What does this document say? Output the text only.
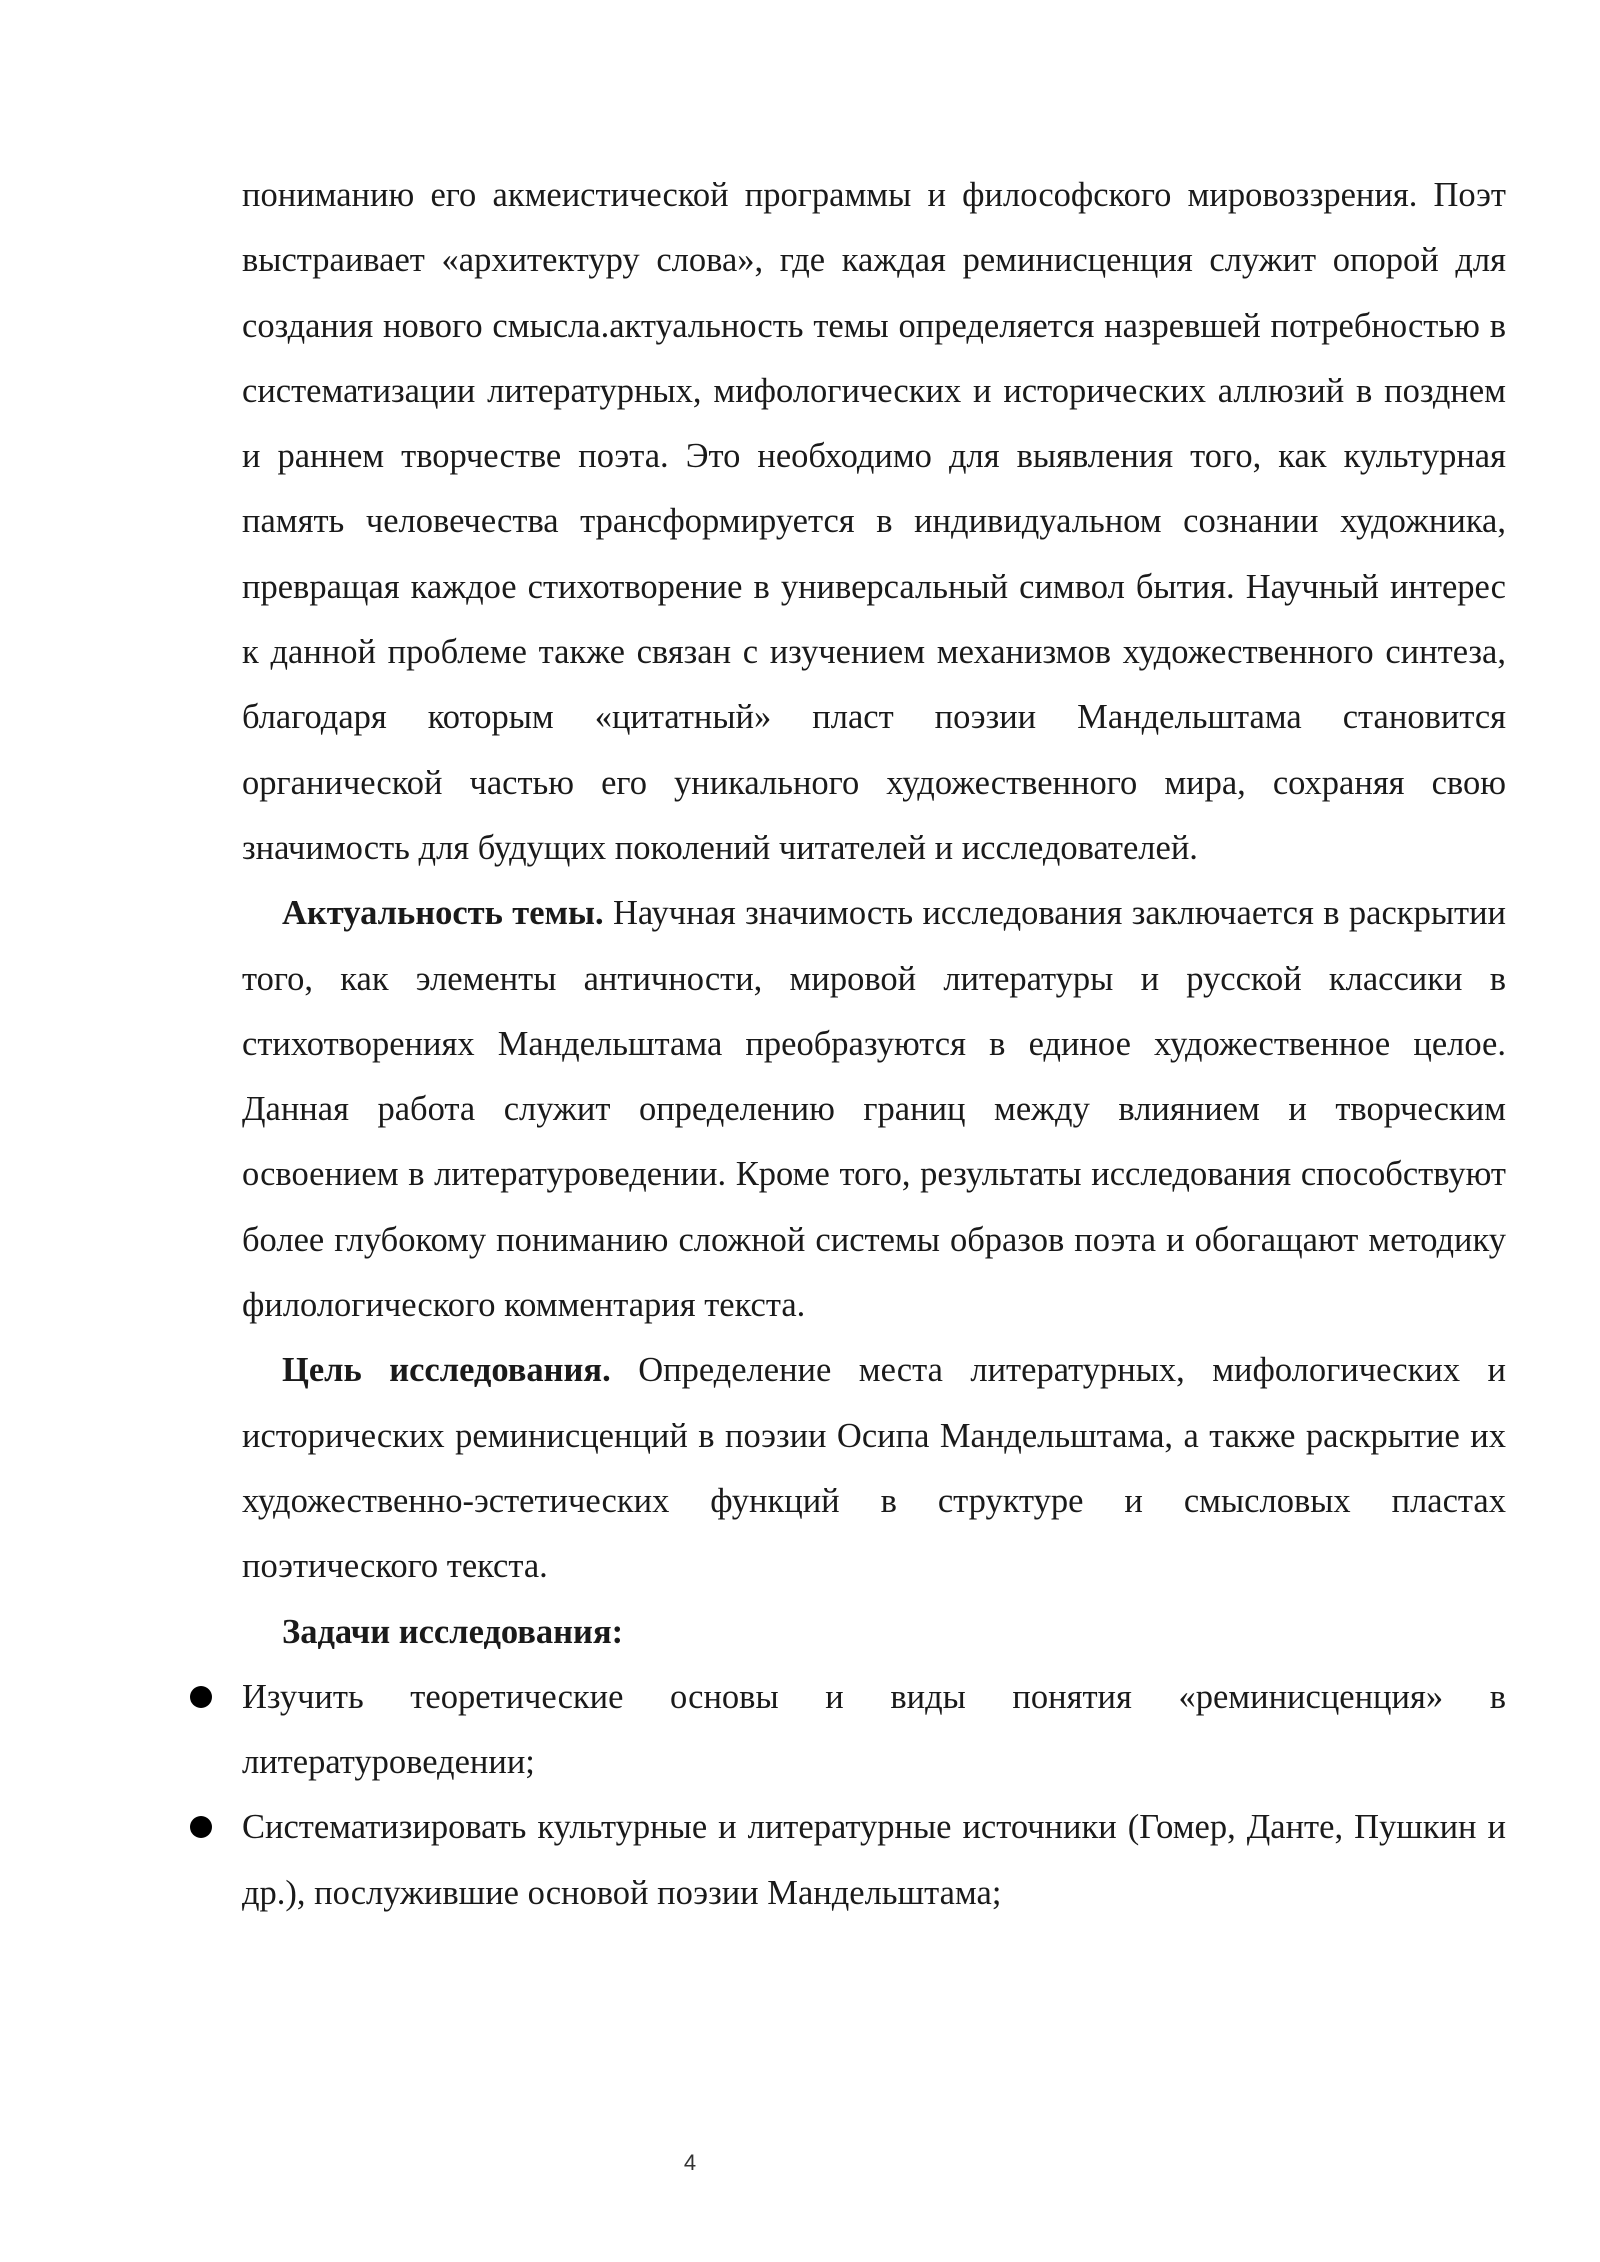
пониманию его акмеистической программы и философского мировоззрения. Поэт выстраивает «архитектуру слова», где каждая реминисценция служит опорой для создания нового смысла.актуальность темы определяется назревшей потребностью в систематизации литературных, мифологических и исторических аллюзий в позднем и раннем творчестве поэта. Это необходимо для выявления того, как культурная память человечества трансформируется в индивидуальном сознании художника, превращая каждое стихотворение в универсальный символ бытия. Научный интерес к данной проблеме также связан с изучением механизмов художественного синтеза, благодаря которым «цитатный» пласт поэзии Мандельштама становится органической частью его уникального художественного мира, сохраняя свою значимость для будущих поколений читателей и исследователей.

Актуальность темы. Научная значимость исследования заключается в раскрытии того, как элементы античности, мировой литературы и русской классики в стихотворениях Мандельштама преобразуются в единое художественное целое. Данная работа служит определению границ между влиянием и творческим освоением в литературоведении. Кроме того, результаты исследования способствуют более глубокому пониманию сложной системы образов поэта и обогащают методику филологического комментария текста.

Цель исследования. Определение места литературных, мифологических и исторических реминисценций в поэзии Осипа Мандельштама, а также раскрытие их художественно-эстетических функций в структуре и смысловых пластах поэтического текста.

Задачи исследования:

Изучить теоретические основы и виды понятия «реминисценция» в литературоведении;
Систематизировать культурные и литературные источники (Гомер, Данте, Пушкин и др.), послужившие основой поэзии Мандельштама;
4
